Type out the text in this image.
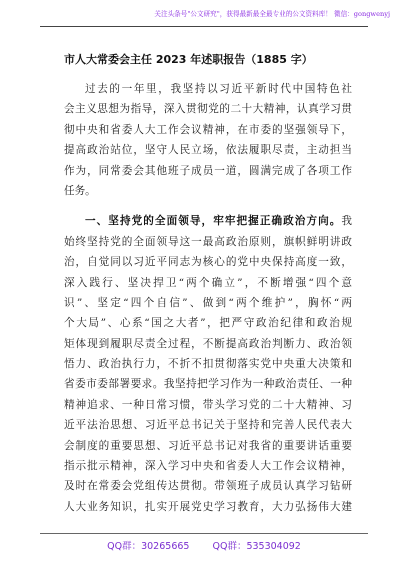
关注头条号"公文研究"，获得最新最全最专业的公文资料库！ 微信：gongwenyj
市人大常委会主任 2023 年述职报告（1885 字）
过去的一年里，我坚持以习近平新时代中国特色社
会主义思想为指导，深入贯彻党的二十大精神，认真学习贯
彻中央和省委人大工作会议精神，在市委的坚强领导下，
提高政治站位，坚守人民立场，依法履职尽责，主动担当
作为，同常委会其他班子成员一道，圆满完成了各项工作
任务。
一、坚持党的全面领导，牢牢把握正确政治方向。我
始终坚持党的全面领导这一最高政治原则，旗帜鲜明讲政
治，自觉同以习近平同志为核心的党中央保持高度一致，
深入践行、坚决捍卫“两个确立”，不断增强“四个意
识”、坚定“四个自信”、做到“两个维护”，胸怀“两
个大局”、心系“国之大者”，把严守政治纪律和政治规
矩体现到履职尽责全过程，不断提高政治判断力、政治领
悟力、政治执行力，不折不扣贯彻落实党中央重大决策和
省委市委部署要求。我坚持把学习作为一种政治责任、一种
精神追求、一种日常习惯，带头学习党的二十大精神、习
近平法治思想、习近平总书记关于坚持和完善人民代表大
会制度的重要思想、习近平总书记对我省的重要讲话重要
指示批示精神，深入学习中央和省委人大工作会议精神，
及时在常委会党组传达贯彻。带领班子成员认真学习钻研
人大业务知识，扎实开展党史学习教育，大力弘扬伟大建
QQ群：30265665 QQ群：535304092
